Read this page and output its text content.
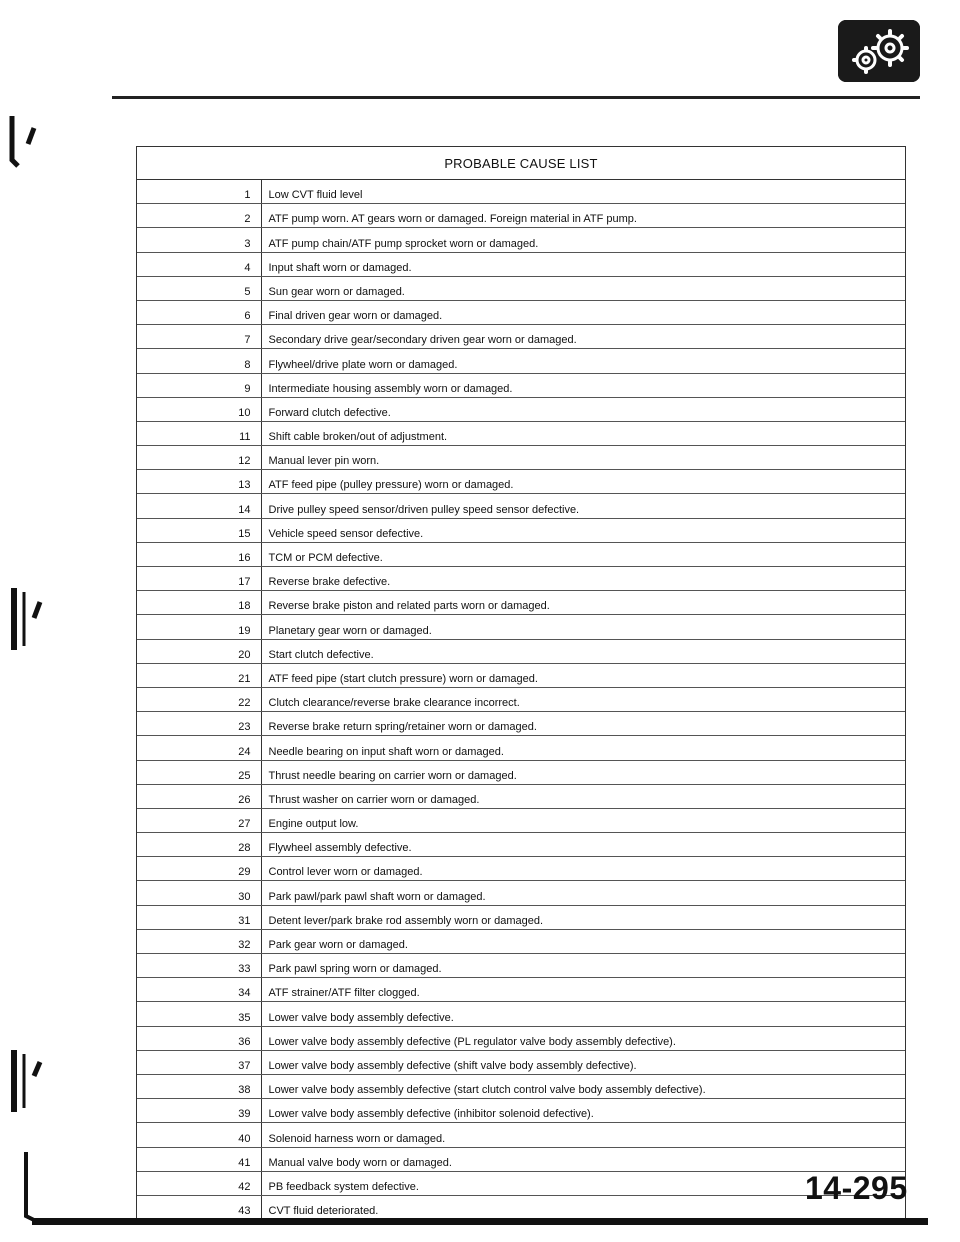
PROBABLE CAUSE LIST
1	Low CVT fluid level
2	ATF pump worn. AT gears worn or damaged. Foreign material in ATF pump.
3	ATF pump chain/ATF pump sprocket worn or damaged.
4	Input shaft worn or damaged.
5	Sun gear worn or damaged.
6	Final driven gear worn or damaged.
7	Secondary drive gear/secondary driven gear worn or damaged.
8	Flywheel/drive plate worn or damaged.
9	Intermediate housing assembly worn or damaged.
10	Forward clutch defective.
11	Shift cable broken/out of adjustment.
12	Manual lever pin worn.
13	ATF feed pipe (pulley pressure) worn or damaged.
14	Drive pulley speed sensor/driven pulley speed sensor defective.
15	Vehicle speed sensor defective.
16	TCM or PCM defective.
17	Reverse brake defective.
18	Reverse brake piston and related parts worn or damaged.
19	Planetary gear worn or damaged.
20	Start clutch defective.
21	ATF feed pipe (start clutch pressure) worn or damaged.
22	Clutch clearance/reverse brake clearance incorrect.
23	Reverse brake return spring/retainer worn or damaged.
24	Needle bearing on input shaft worn or damaged.
25	Thrust needle bearing on carrier worn or damaged.
26	Thrust washer on carrier worn or damaged.
27	Engine output low.
28	Flywheel assembly defective.
29	Control lever worn or damaged.
30	Park pawl/park pawl shaft worn or damaged.
31	Detent lever/park brake rod assembly worn or damaged.
32	Park gear worn or damaged.
33	Park pawl spring worn or damaged.
34	ATF strainer/ATF filter clogged.
35	Lower valve body assembly defective.
36	Lower valve body assembly defective (PL regulator valve body assembly defective).
37	Lower valve body assembly defective (shift valve body assembly defective).
38	Lower valve body assembly defective (start clutch control valve body assembly defective).
39	Lower valve body assembly defective (inhibitor solenoid defective).
40	Solenoid harness worn or damaged.
41	Manual valve body worn or damaged.
42	PB feedback system defective.
43	CVT fluid deteriorated.
14-295
